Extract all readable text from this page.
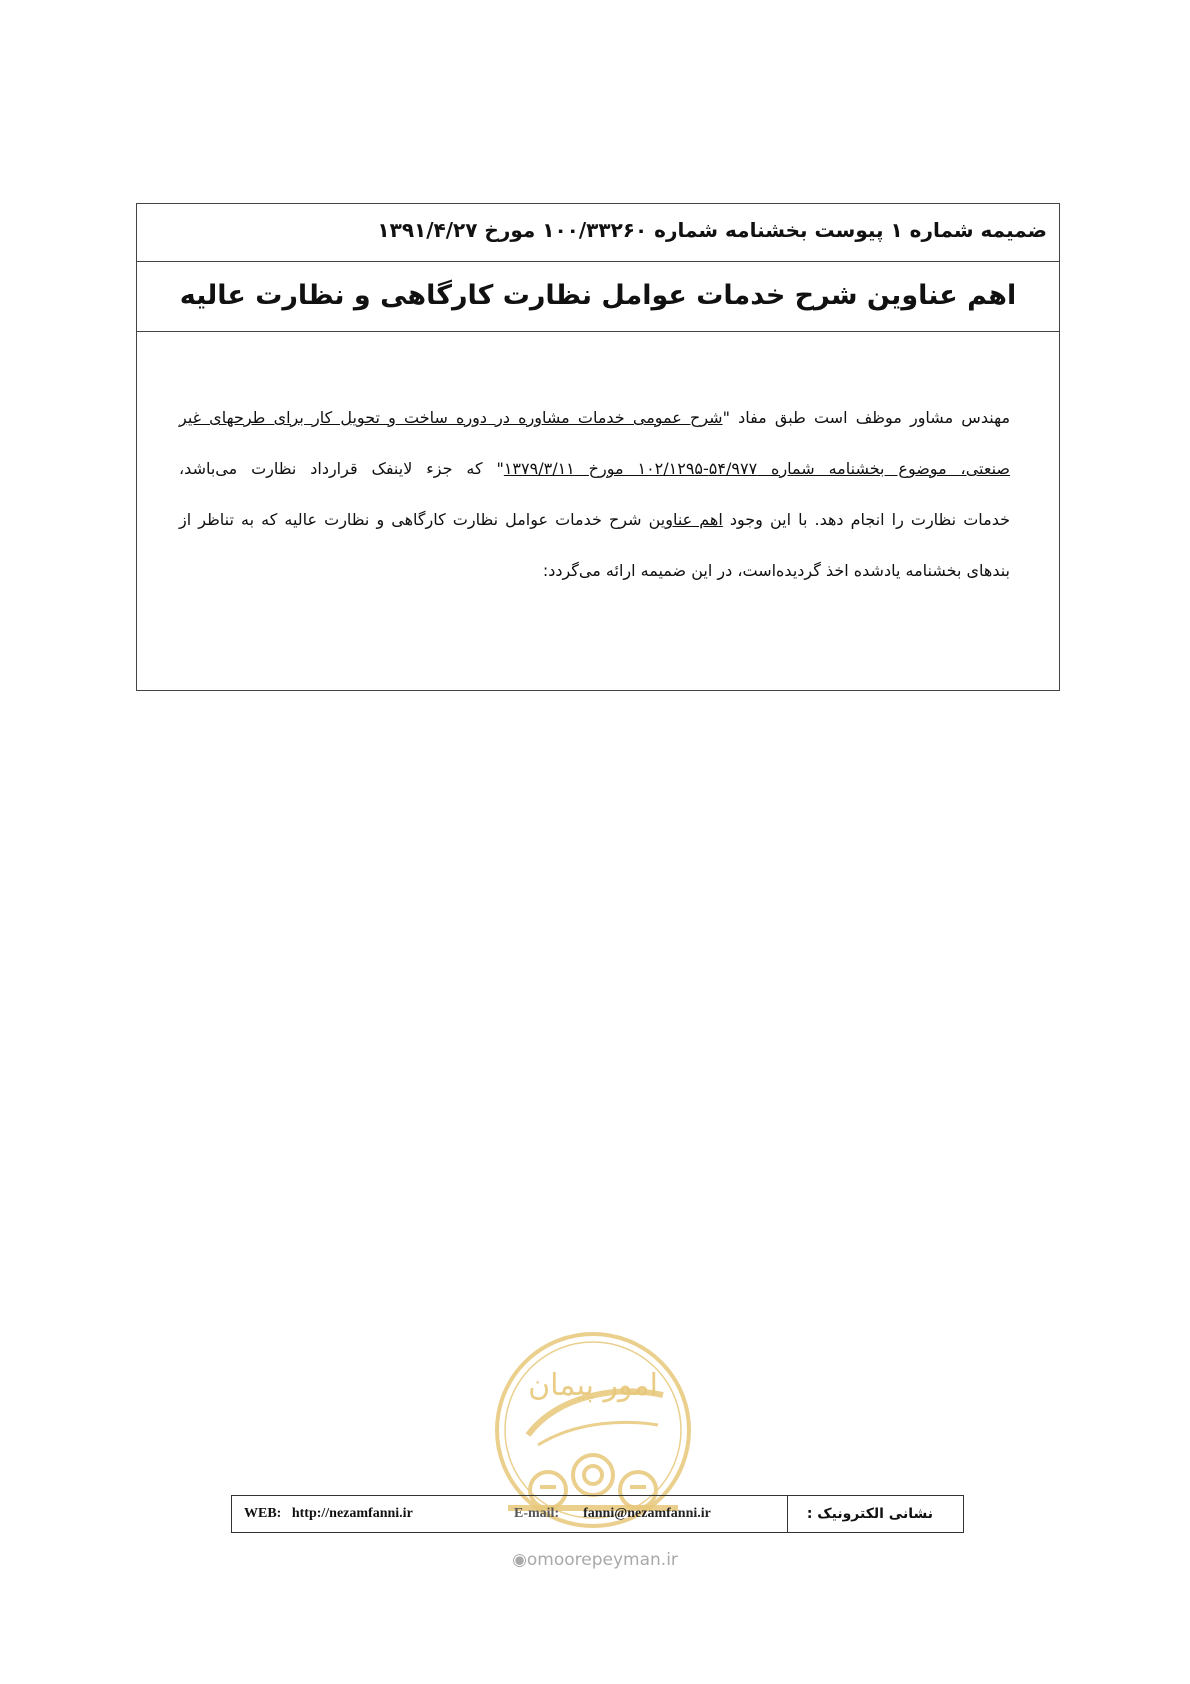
ضمیمه شماره ۱ پیوست بخشنامه شماره ۱۰۰/۳۳۲۶۰ مورخ ۱۳۹۱/۴/۲۷
اهم عناوین شرح خدمات عوامل نظارت کارگاهی و نظارت عالیه
مهندس مشاور موظف است طبق مفاد "شرح عمومی خدمات مشاوره در دوره ساخت و تحویل کار برای طرحهای غیر
صنعتی، موضوع بخشنامه شماره ۵۴/۹۷۷-۱۰۲/۱۲۹۵ مورخ ۱۳۷۹/۳/۱۱" که جزء لاینفک قرارداد نظارت می‌باشد،
خدمات نظارت را انجام دهد. با این وجود اهم عناوین شرح خدمات عوامل نظارت کارگاهی و نظارت عالیه که به تناظر از
بندهای بخشنامه یادشده اخذ گردیده‌است، در این ضمیمه ارائه می‌گردد:
امور پیمان
WEB: http://nezamfanni.ir	E-mail: fanni@nezamfanni.ir	نشانی الکترونیک :
◉omoorepeyman.ir
